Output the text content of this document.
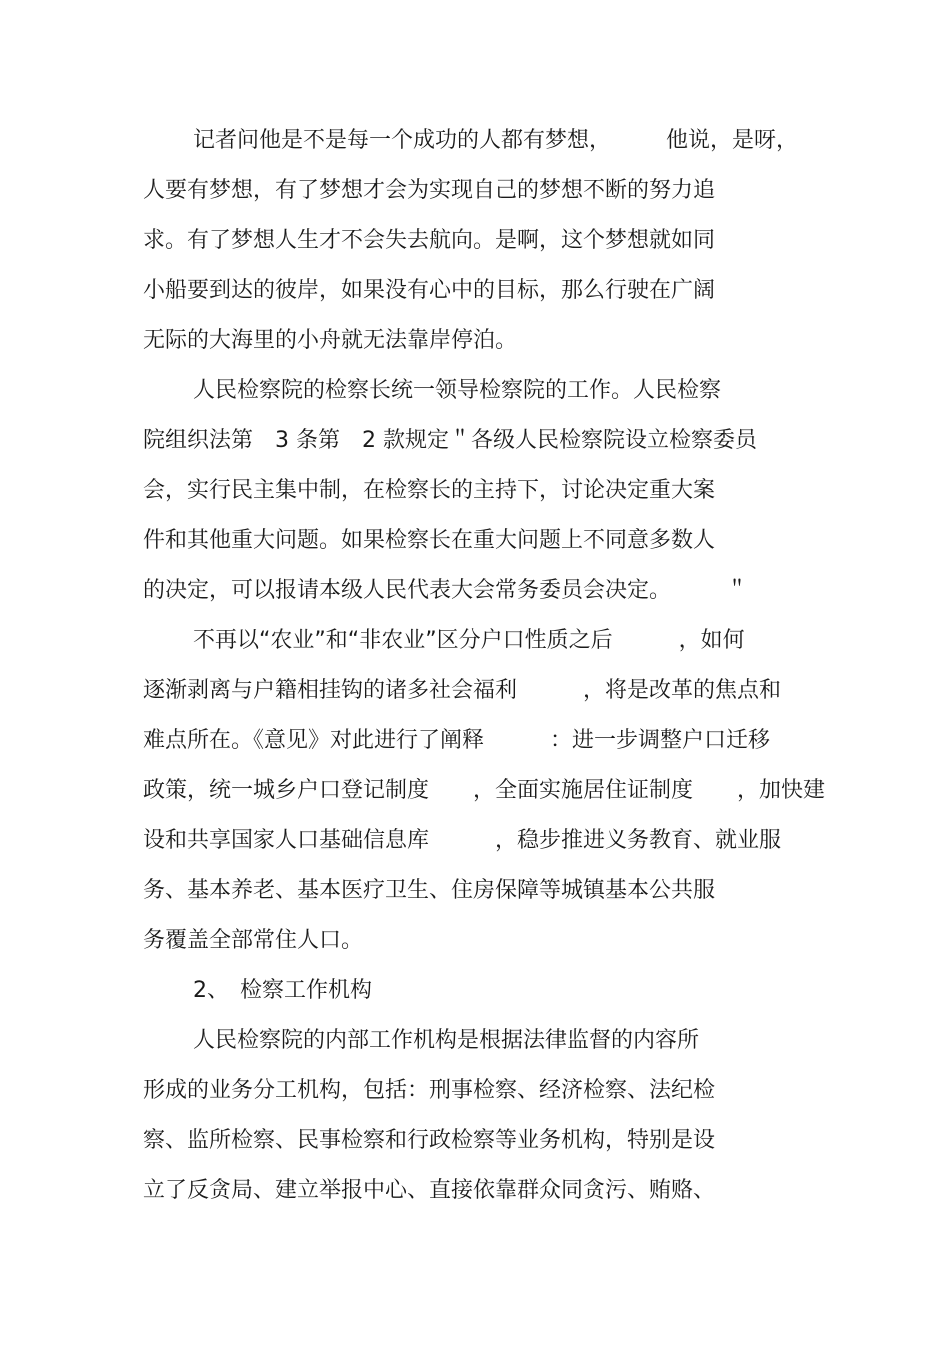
记者问他是不是每一个成功的人都有梦想，　　　他说，是呀，

人要有梦想，有了梦想才会为实现自己的梦想不断的努力追

求。有了梦想人生才不会失去航向。是啊，这个梦想就如同

小船要到达的彼岸，如果没有心中的目标，那么行驶在广阔

无际的大海里的小舟就无法靠岸停泊。

人民检察院的检察长统一领导检察院的工作。人民检察

院组织法第　3 条第　2 款规定＂各级人民检察院设立检察委员

会，实行民主集中制，在检察长的主持下，讨论决定重大案

件和其他重大问题。如果检察长在重大问题上不同意多数人

的决定，可以报请本级人民代表大会常务委员会决定。　　　＂

不再以“农业”和“非农业”区分户口性质之后　　　，如何

逐渐剥离与户籍相挂钩的诸多社会福利　　　，将是改革的焦点和

难点所在。《意见》对此进行了阐释　　　：进一步调整户口迁移

政策，统一城乡户口登记制度　　，全面实施居住证制度　　，加快建

设和共享国家人口基础信息库　　　，稳步推进义务教育、就业服

务、基本养老、基本医疗卫生、住房保障等城镇基本公共服

务覆盖全部常住人口。

2、　检察工作机构

人民检察院的内部工作机构是根据法律监督的内容所

形成的业务分工机构，包括：刑事检察、经济检察、法纪检

察、监所检察、民事检察和行政检察等业务机构，特别是设

立了反贪局、建立举报中心、直接依靠群众同贪污、贿赂、
